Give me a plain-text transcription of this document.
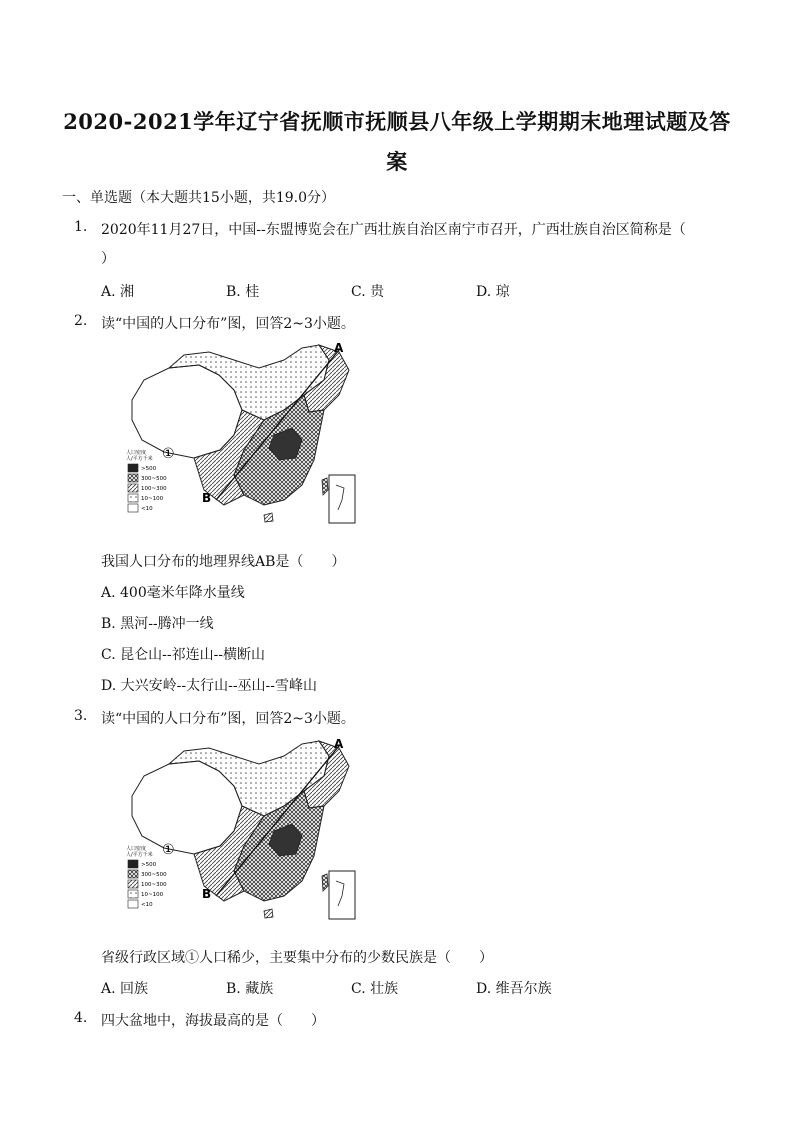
2020-2021学年辽宁省抚顺市抚顺县八年级上学期期末地理试题及答
案
一、单选题（本大题共15小题，共19.0分）
1. 2020年11月27日，中国--东盟博览会在广西壮族自治区南宁市召开，广西壮族自治区简称是（
）
A. 湘	B. 桂	C. 贵	D. 琼
2. 读“中国的人口分布”图，回答2~3小题。
人口密度
人/平方千米
>500
300~500
100~300
10~100
<10
A
B
①
我国人口分布的地理界线AB是（　　）
A. 400毫米年降水量线
B. 黑河--腾冲一线
C. 昆仑山--祁连山--横断山
D. 大兴安岭--太行山--巫山--雪峰山
3. 读“中国的人口分布”图，回答2~3小题。
人口密度
人/平方千米
>500
300~500
100~300
10~100
<10
A
B
①
省级行政区域①人口稀少，主要集中分布的少数民族是（　　）
A. 回族	B. 藏族	C. 壮族	D. 维吾尔族
4. 四大盆地中，海拔最高的是（　　）
